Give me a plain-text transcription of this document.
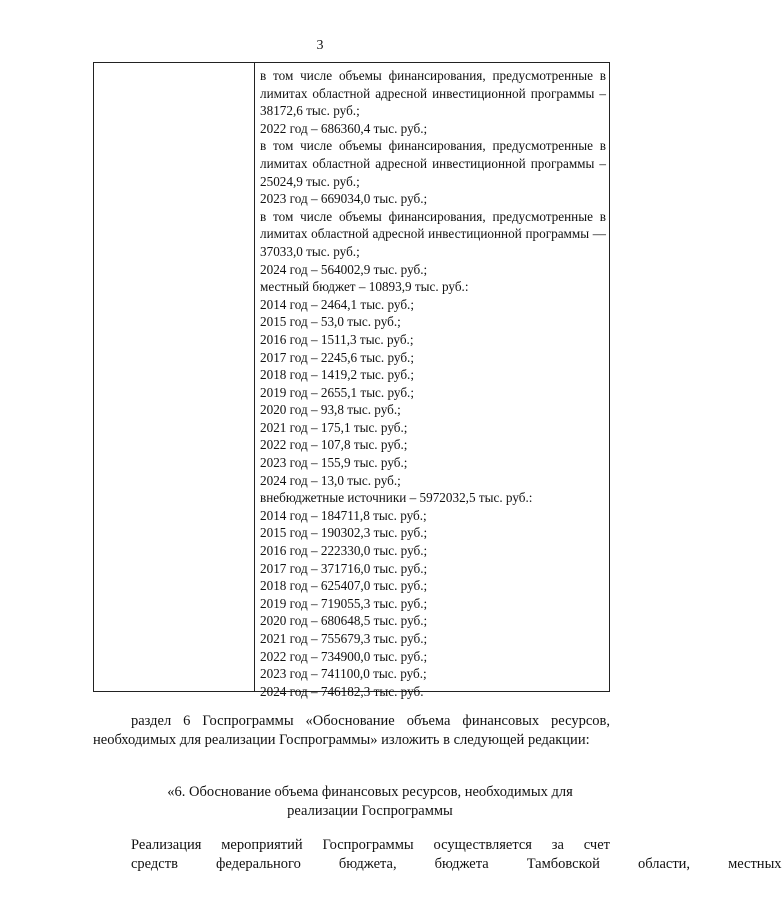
3
в том числе объемы финансирования, предусмотренные в лимитах областной адресной инвестиционной программы – 38172,6 тыс. руб.;
2022 год – 686360,4 тыс. руб.;
в том числе объемы финансирования, предусмотренные в лимитах областной адресной инвестиционной программы – 25024,9 тыс. руб.;
2023 год – 669034,0 тыс. руб.;
в том числе объемы финансирования, предусмотренные в лимитах областной адресной инвестиционной программы — 37033,0 тыс. руб.;
2024 год – 564002,9 тыс. руб.;
местный бюджет – 10893,9 тыс. руб.:
2014 год – 2464,1 тыс. руб.;
2015 год – 53,0 тыс. руб.;
2016 год – 1511,3 тыс. руб.;
2017 год – 2245,6 тыс. руб.;
2018 год – 1419,2 тыс. руб.;
2019 год – 2655,1 тыс. руб.;
2020 год – 93,8 тыс. руб.;
2021 год – 175,1 тыс. руб.;
2022 год – 107,8 тыс. руб.;
2023 год – 155,9 тыс. руб.;
2024 год – 13,0 тыс. руб.;
внебюджетные источники – 5972032,5 тыс. руб.:
2014 год – 184711,8 тыс. руб.;
2015 год – 190302,3 тыс. руб.;
2016 год – 222330,0 тыс. руб.;
2017 год – 371716,0 тыс. руб.;
2018 год – 625407,0 тыс. руб.;
2019 год – 719055,3 тыс. руб.;
2020 год – 680648,5 тыс. руб.;
2021 год – 755679,3 тыс. руб.;
2022 год – 734900,0 тыс. руб.;
2023 год – 741100,0 тыс. руб.;
2024 год – 746182,3 тыс. руб.
раздел 6 Госпрограммы «Обоснование объема финансовых ресурсов, необходимых для реализации Госпрограммы» изложить в следующей редакции:
«6. Обоснование объема финансовых ресурсов, необходимых для реализации Госпрограммы
Реализация мероприятий Госпрограммы осуществляется за счет
средств	федерального	бюджета,	бюджета	Тамбовской	области,	местных
